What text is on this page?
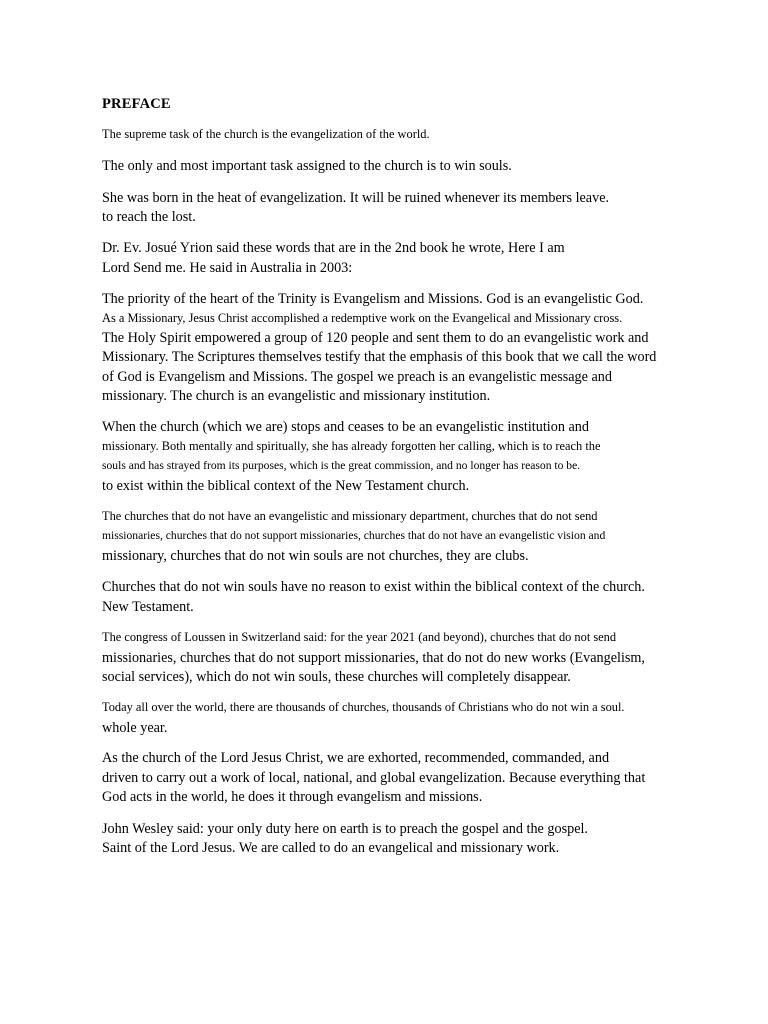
PREFACE
The supreme task of the church is the evangelization of the world.
The only and most important task assigned to the church is to win souls.
She was born in the heat of evangelization. It will be ruined whenever its members leave.
to reach the lost.
Dr. Ev. Josué Yrion said these words that are in the 2nd book he wrote, Here I am
Lord Send me. He said in Australia in 2003:
The priority of the heart of the Trinity is Evangelism and Missions. God is an evangelistic God.
As a Missionary, Jesus Christ accomplished a redemptive work on the Evangelical and Missionary cross.
The Holy Spirit empowered a group of 120 people and sent them to do an evangelistic work and
Missionary. The Scriptures themselves testify that the emphasis of this book that we call the word
of God is Evangelism and Missions. The gospel we preach is an evangelistic message and
missionary. The church is an evangelistic and missionary institution.
When the church (which we are) stops and ceases to be an evangelistic institution and
missionary. Both mentally and spiritually, she has already forgotten her calling, which is to reach the
souls and has strayed from its purposes, which is the great commission, and no longer has reason to be.
to exist within the biblical context of the New Testament church.
The churches that do not have an evangelistic and missionary department, churches that do not send
missionaries, churches that do not support missionaries, churches that do not have an evangelistic vision and
missionary, churches that do not win souls are not churches, they are clubs.
Churches that do not win souls have no reason to exist within the biblical context of the church.
New Testament.
The congress of Loussen in Switzerland said: for the year 2021 (and beyond), churches that do not send
missionaries, churches that do not support missionaries, that do not do new works (Evangelism,
social services), which do not win souls, these churches will completely disappear.
Today all over the world, there are thousands of churches, thousands of Christians who do not win a soul.
whole year.
As the church of the Lord Jesus Christ, we are exhorted, recommended, commanded, and
driven to carry out a work of local, national, and global evangelization. Because everything that
God acts in the world, he does it through evangelism and missions.
John Wesley said: your only duty here on earth is to preach the gospel and the gospel.
Saint of the Lord Jesus. We are called to do an evangelical and missionary work.
